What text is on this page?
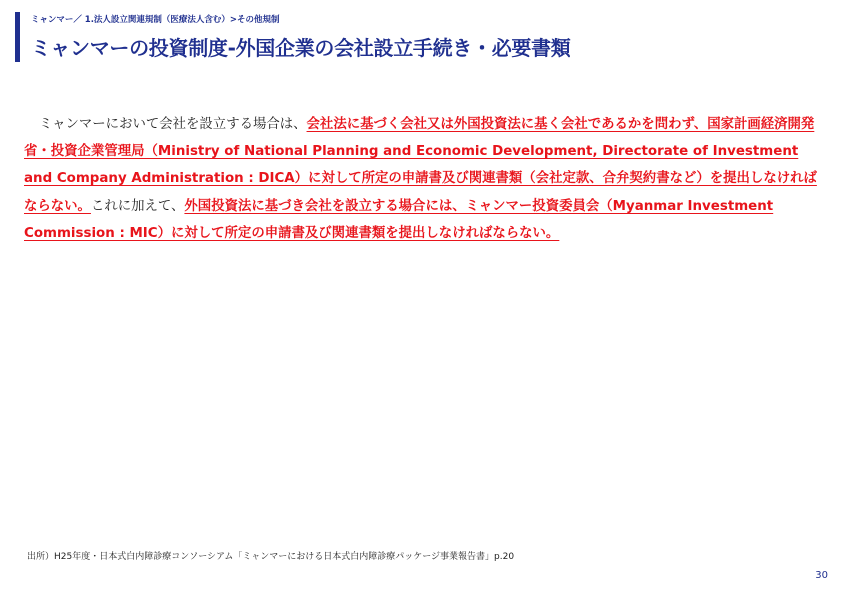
ミャンマー／ 1.法人設立関連規制（医療法人含む）>その他規制
ミャンマーの投資制度-外国企業の会社設立手続き・必要書類

ミャンマーにおいて会社を設立する場合は、会社法に基づく会社又は外国投資法に基く会社であるかを問わず、国家計画経済開発省・投資企業管理局（Ministry of National Planning and Economic Development, Directorate of Investment and Company Administration : DICA）に対して所定の申請書及び関連書類（会社定款、合弁契約書など）を提出しなければならない。これに加えて、外国投資法に基づき会社を設立する場合には、ミャンマー投資委員会（Myanmar Investment Commission : MIC）に対して所定の申請書及び関連書類を提出しなければならない。

出所）H25年度・日本式白内障診療コンソーシアム「ミャンマーにおける日本式白内障診療パッケージ事業報告書」p.20
30
